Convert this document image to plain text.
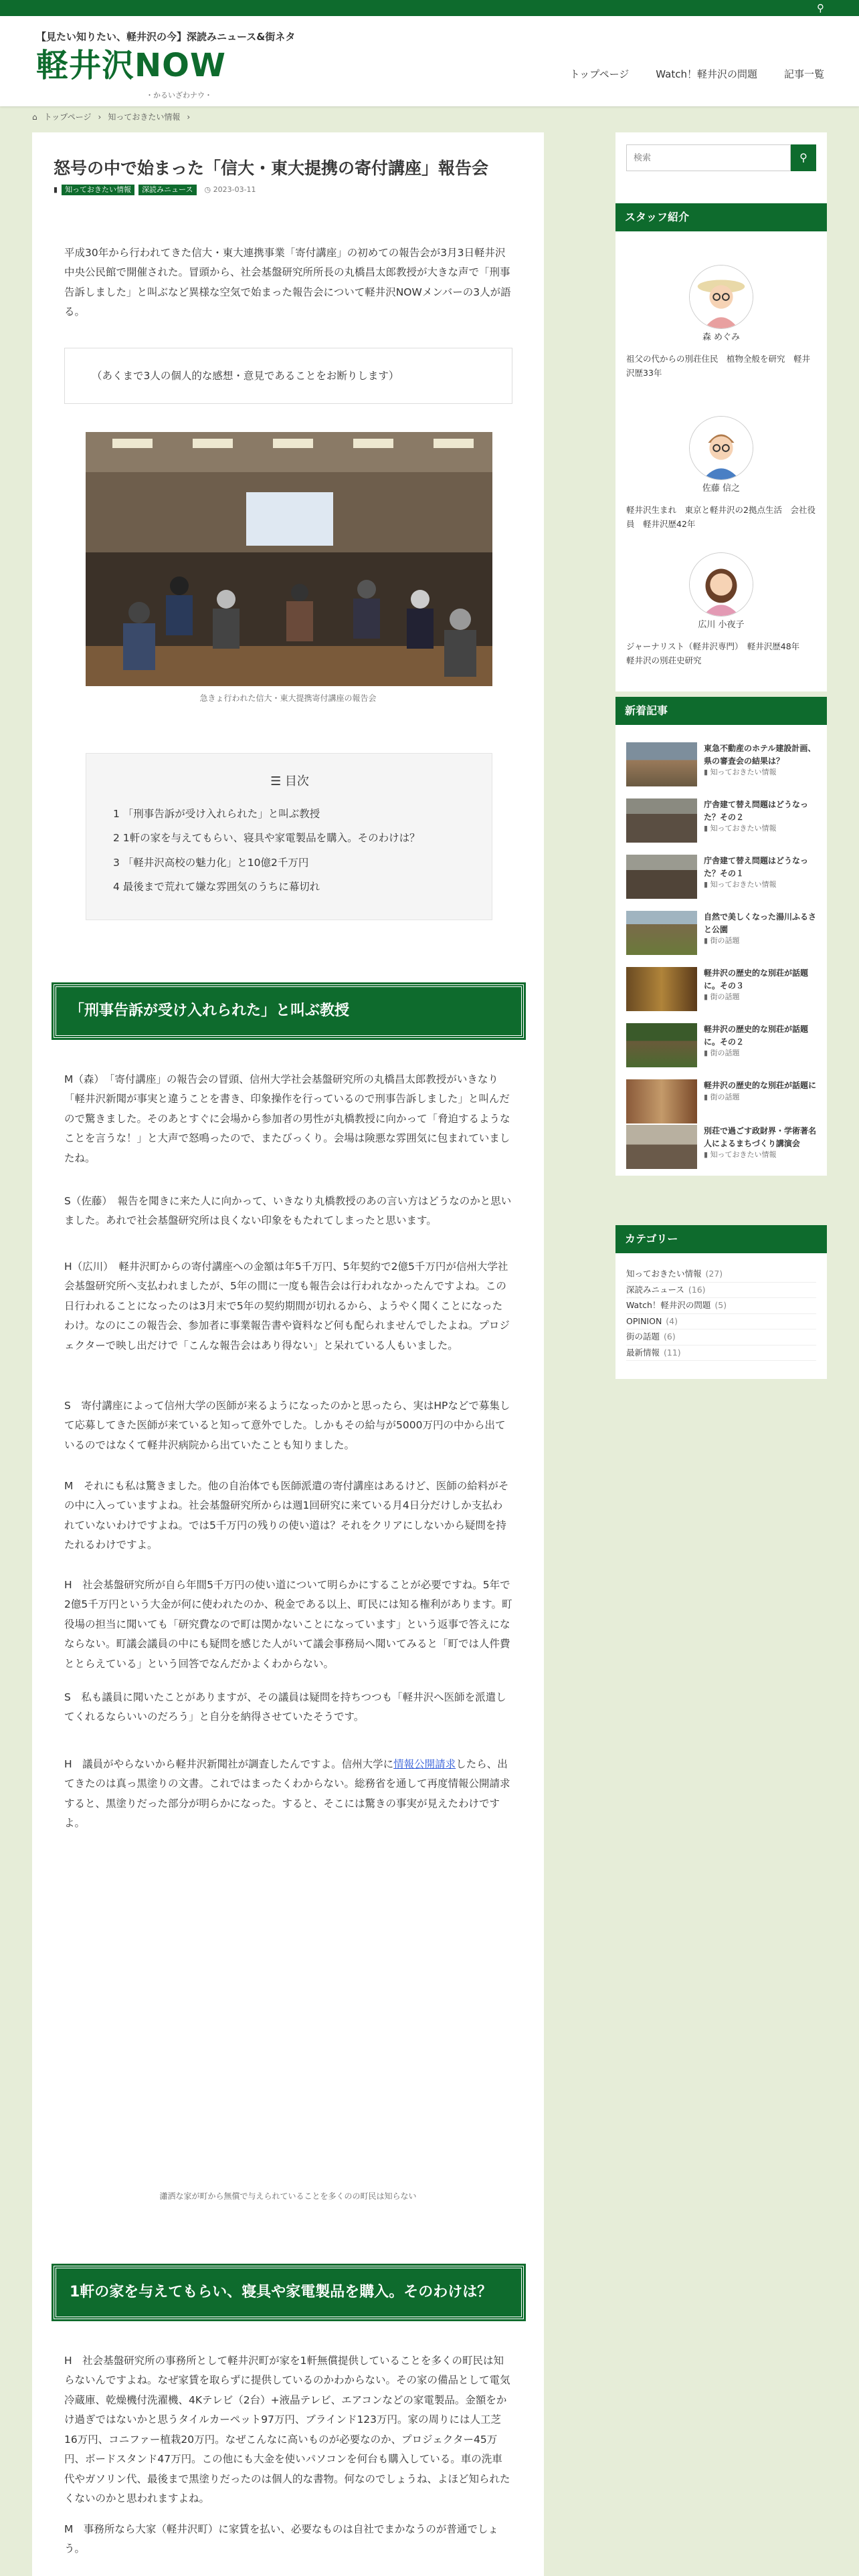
⚲
【見たい知りたい、軽井沢の今】深読みニュース&街ネタ
軽井沢NOW
・かるいざわナウ・
トップページ	Watch！軽井沢の問題	記事一覧
⌂ トップページ › 知っておきたい情報 ›
怒号の中で始まった「信大・東大提携の寄付講座」報告会
▮	知っておきたい情報	深読みニュース	◷ 2023-03-11

平成30年から行われてきた信大・東大連携事業「寄付講座」の初めての報告会が3月3日軽井沢中央公民館で開催された。冒頭から、社会基盤研究所所長の丸橋昌太郎教授が大きな声で「刑事告訴しました」と叫ぶなど異様な空気で始まった報告会について軽井沢NOWメンバーの3人が語る。

（あくまで3人の個人的な感想・意見であることをお断りします）
急きょ行われた信大・東大提携寄付講座の報告会
☰ 目次
1 「刑事告訴が受け入れられた」と叫ぶ教授
2 1軒の家を与えてもらい、寝具や家電製品を購入。そのわけは？
3 「軽井沢高校の魅力化」と10億2千万円
4 最後まで荒れて嫌な雰囲気のうちに幕切れ
「刑事告訴が受け入れられた」と叫ぶ教授

M（森）　「寄付講座」の報告会の冒頭、信州大学社会基盤研究所の丸橋昌太郎教授がいきなり「軽井沢新聞が事実と違うことを書き、印象操作を行っているので刑事告訴しました」と叫んだので驚きました。そのあとすぐに会場から参加者の男性が丸橋教授に向かって「脅迫するようなことを言うな！」と大声で怒鳴ったので、またびっくり。会場は険悪な雰囲気に包まれていましたね。

S（佐藤）　報告を聞きに来た人に向かって、いきなり丸橋教授のあの言い方はどうなのかと思いました。あれで社会基盤研究所は良くない印象をもたれてしまったと思います。

H（広川）　軽井沢町からの寄付講座への金額は年5千万円、5年契約で2億5千万円が信州大学社会基盤研究所へ支払われましたが、5年の間に一度も報告会は行われなかったんですよね。この日行われることになったのは3月末で5年の契約期間が切れるから、ようやく聞くことになったわけ。なのにこの報告会、参加者に事業報告書や資料など何も配られませんでしたよね。プロジェクターで映し出だけで「こんな報告会はあり得ない」と呆れている人もいました。

S　寄付講座によって信州大学の医師が来るようになったのかと思ったら、実はHPなどで募集して応募してきた医師が来ていると知って意外でした。しかもその給与が5000万円の中から出ているのではなくて軽井沢病院から出ていたことも知りました。

M　それにも私は驚きました。他の自治体でも医師派遣の寄付講座はあるけど、医師の給料がその中に入っていますよね。社会基盤研究所からは週1回研究に来ている月4日分だけしか支払われていないわけですよね。では5千万円の残りの使い道は？それをクリアにしないから疑問を持たれるわけですよ。

H　社会基盤研究所が自ら年間5千万円の使い道について明らかにすることが必要ですね。5年で2億5千万円という大金が何に使われたのか、税金である以上、町民には知る権利があります。町役場の担当に聞いても「研究費なので町は関かないことになっています」という返事で答えになならない。町議会議員の中にも疑問を感じた人がいて議会事務局へ聞いてみると「町では人件費ととらえている」という回答でなんだかよくわからない。

S　私も議員に聞いたことがありますが、その議員は疑問を持ちつつも「軽井沢へ医師を派遣してくれるならいいのだろう」と自分を納得させていたそうです。

H　議員がやらないから軽井沢新聞社が調査したんですよ。信州大学に情報公開請求したら、出てきたのは真っ黒塗りの文書。これではまったくわからない。総務省を通して再度情報公開請求すると、黒塗りだった部分が明らかになった。すると、そこには驚きの事実が見えたわけですよ。

瀟洒な家が町から無償で与えられていることを多くのの町民は知らない
1軒の家を与えてもらい、寝具や家電製品を購入。そのわけは？

H　社会基盤研究所の事務所として軽井沢町が家を1軒無償提供していることを多くの町民は知らないんですよね。なぜ家賃を取らずに提供しているのかわからない。その家の備品として電気冷蔵庫、乾燥機付洗濯機、4Kテレビ（2台）+液晶テレビ、エアコンなどの家電製品。金額をかけ過ぎではないかと思うタイルカーペット97万円、ブラインド123万円。家の周りには人工芝16万円、コニファー植栽20万円。なぜこんなに高いものが必要なのか、プロジェクター45万円、ボードスタンド47万円。この他にも大金を使いパソコンを何台も購入している。車の洗車代やガソリン代、最後まで黒塗りだったのは個人的な書物。何なのでしょうね、よほど知られたくないのかと思われますよね。

M　事務所なら大家（軽井沢町）に家賃を払い、必要なものは自社でまかなうのが普通でしょう。

検索
⚲
スタッフ紹介
森 めぐみ
祖父の代からの別荘住民　植物全般を研究　軽井沢歴33年
佐藤 信之
軽井沢生まれ　東京と軽井沢の2拠点生活　会社役員　軽井沢歴42年
広川 小夜子
ジャーナリスト（軽井沢専門）　軽井沢歴48年　軽井沢の別荘史研究
新着記事
東急不動産のホテル建設計画、県の審査会の結果は？
▮ 知っておきたい情報
庁舎建て替え問題はどうなった？その２
▮ 知っておきたい情報
庁舎建て替え問題はどうなった？その１
▮ 知っておきたい情報
自然で美しくなった湯川ふるさと公園
▮ 街の話題
軽井沢の歴史的な別荘が話題に。その３
▮ 街の話題
軽井沢の歴史的な別荘が話題に。その２
▮ 街の話題
軽井沢の歴史的な別荘が話題に
▮ 街の話題
別荘で過ごす政財界・学術著名人によるまちづくり講演会
▮ 知っておきたい情報
カテゴリー
知っておきたい情報 (27)
深読みニュース (16)
Watch！軽井沢の問題 (5)
OPINION (4)
街の話題 (6)
最新情報 (11)
